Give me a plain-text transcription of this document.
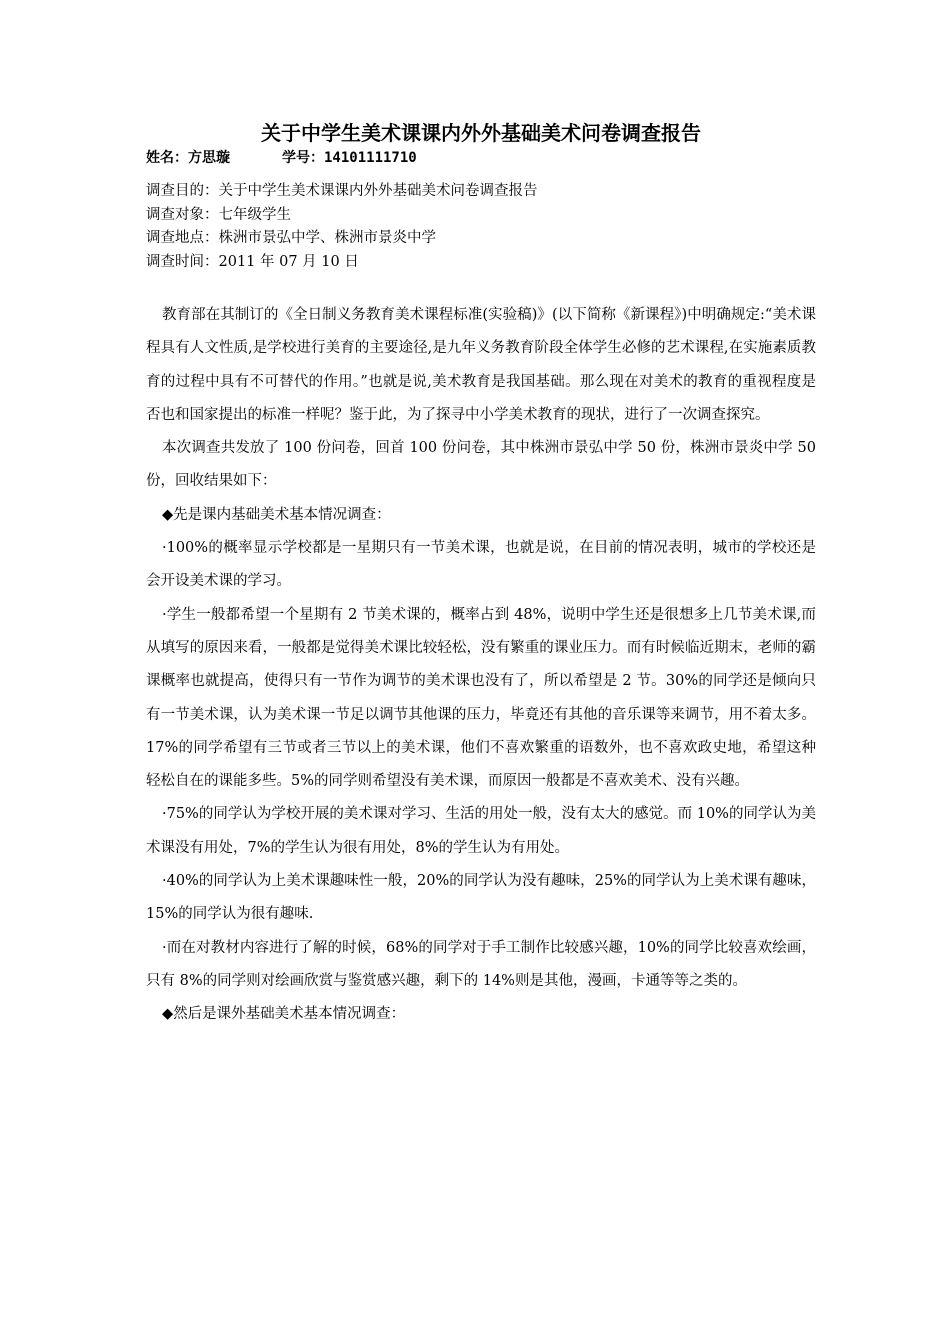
关于中学生美术课课内外外基础美术问卷调查报告
姓名：方思璇	学号：14101111710
调查目的：关于中学生美术课课内外外基础美术问卷调查报告
调查对象：七年级学生
调查地点：株洲市景弘中学、株洲市景炎中学
调查时间：2011 年 07 月 10 日

教育部在其制订的《全日制义务教育美术课程标准(实验稿)》(以下简称《新课程》)中明确规定:“美术课程具有人文性质,是学校进行美育的主要途径,是九年义务教育阶段全体学生必修的艺术课程,在实施素质教育的过程中具有不可替代的作用。”也就是说,美术教育是我国基础。那么现在对美术的教育的重视程度是否也和国家提出的标准一样呢？鉴于此，为了探寻中小学美术教育的现状，进行了一次调查探究。

本次调查共发放了 100 份问卷，回首 100 份问卷，其中株洲市景弘中学 50 份，株洲市景炎中学 50 份，回收结果如下：

◆先是课内基础美术基本情况调查：

·100%的概率显示学校都是一星期只有一节美术课，也就是说，在目前的情况表明，城市的学校还是会开设美术课的学习。

·学生一般都希望一个星期有 2 节美术课的，概率占到 48%，说明中学生还是很想多上几节美术课,而从填写的原因来看，一般都是觉得美术课比较轻松，没有繁重的课业压力。而有时候临近期末，老师的霸课概率也就提高，使得只有一节作为调节的美术课也没有了，所以希望是 2 节。30%的同学还是倾向只有一节美术课，认为美术课一节足以调节其他课的压力，毕竟还有其他的音乐课等来调节，用不着太多。17%的同学希望有三节或者三节以上的美术课，他们不喜欢繁重的语数外，也不喜欢政史地，希望这种轻松自在的课能多些。5%的同学则希望没有美术课，而原因一般都是不喜欢美术、没有兴趣。

·75%的同学认为学校开展的美术课对学习、生活的用处一般，没有太大的感觉。而 10%的同学认为美术课没有用处，7%的学生认为很有用处，8%的学生认为有用处。

·40%的同学认为上美术课趣味性一般，20%的同学认为没有趣味，25%的同学认为上美术课有趣味，15%的同学认为很有趣味.

·而在对教材内容进行了解的时候，68%的同学对于手工制作比较感兴趣，10%的同学比较喜欢绘画，只有 8%的同学则对绘画欣赏与鉴赏感兴趣，剩下的 14%则是其他，漫画，卡通等等之类的。

◆然后是课外基础美术基本情况调查：
